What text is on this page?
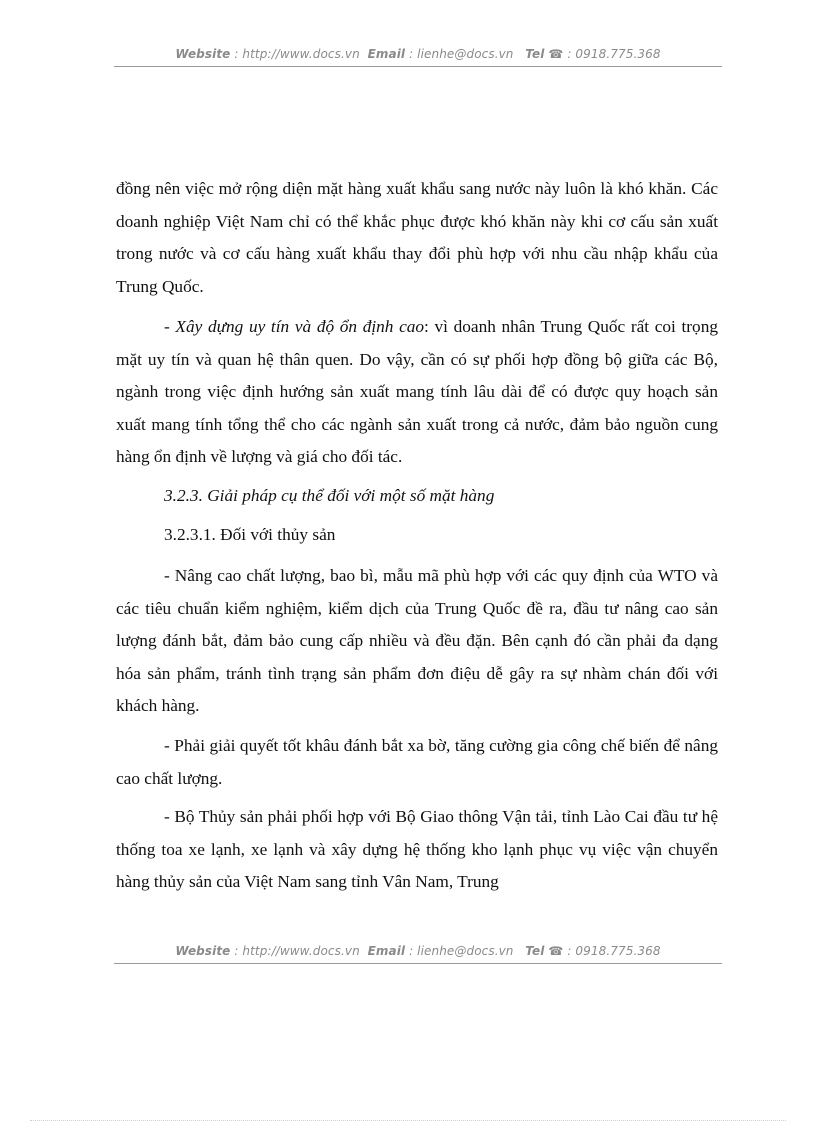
Website : http://www.docs.vn Email : lienhe@docs.vn Tel ☎ : 0918.775.368

đồng nên việc mở rộng diện mặt hàng xuất khẩu sang nước này luôn là khó khăn. Các doanh nghiệp Việt Nam chỉ có thể khắc phục được khó khăn này khi cơ cấu sản xuất trong nước và cơ cấu hàng xuất khẩu thay đổi phù hợp với nhu cầu nhập khẩu của Trung Quốc.

- Xây dựng uy tín và độ ổn định cao: vì doanh nhân Trung Quốc rất coi trọng mặt uy tín và quan hệ thân quen. Do vậy, cần có sự phối hợp đồng bộ giữa các Bộ, ngành trong việc định hướng sản xuất mang tính lâu dài để có được quy hoạch sản xuất mang tính tổng thể cho các ngành sản xuất trong cả nước, đảm bảo nguồn cung hàng ổn định về lượng và giá cho đối tác.

3.2.3. Giải pháp cụ thể đối với một số mặt hàng

3.2.3.1. Đối với thủy sản

- Nâng cao chất lượng, bao bì, mẫu mã phù hợp với các quy định của WTO và các tiêu chuẩn kiểm nghiệm, kiểm dịch của Trung Quốc đề ra, đầu tư nâng cao sản lượng đánh bắt, đảm bảo cung cấp nhiều và đều đặn. Bên cạnh đó cần phải đa dạng hóa sản phẩm, tránh tình trạng sản phẩm đơn điệu dễ gây ra sự nhàm chán đối với khách hàng.

- Phải giải quyết tốt khâu đánh bắt xa bờ, tăng cường gia công chế biến để nâng cao chất lượng.

- Bộ Thủy sản phải phối hợp với Bộ Giao thông Vận tải, tỉnh Lào Cai đầu tư hệ thống toa xe lạnh, xe lạnh và xây dựng hệ thống kho lạnh phục vụ việc vận chuyển hàng thủy sản của Việt Nam sang tỉnh Vân Nam, Trung

Website : http://www.docs.vn Email : lienhe@docs.vn Tel ☎ : 0918.775.368
